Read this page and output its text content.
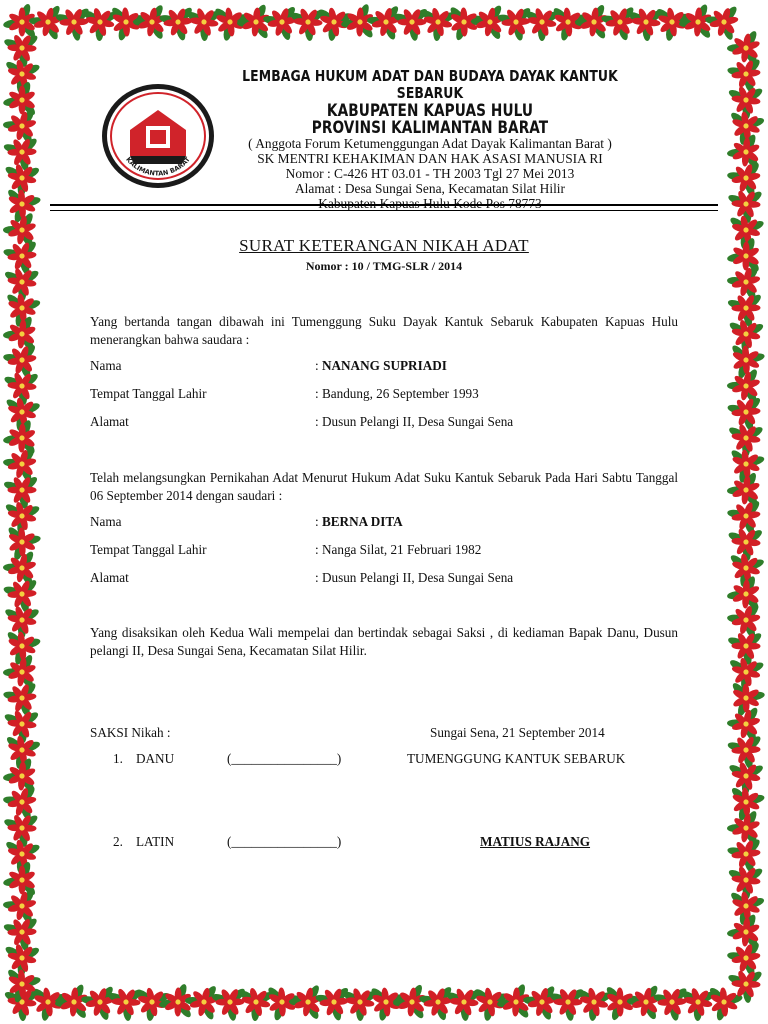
KALIMANTAN BARAT
LEMBAGA HUKUM ADAT DAN BUDAYA DAYAK KANTUK SEBARUK
KABUPATEN KAPUAS HULU
PROVINSI KALIMANTAN BARAT
( Anggota Forum Ketumenggungan Adat Dayak Kalimantan Barat )
SK MENTRI KEHAKIMAN DAN HAK ASASI MANUSIA RI
Nomor : C-426 HT 03.01 - TH 2003 Tgl 27 Mei 2013
Alamat : Desa Sungai Sena, Kecamatan Silat Hilir
SURAT KETERANGAN NIKAH ADAT
Nomor : 10 / TMG-SLR / 2014
Yang bertanda tangan dibawah ini Tumenggung Suku Dayak Kantuk Sebaruk Kabupaten Kapuas Hulu menerangkan bahwa saudara :
Nama	: NANANG SUPRIADI
Tempat Tanggal Lahir	: Bandung, 26 September 1993
Alamat	: Dusun Pelangi II, Desa Sungai Sena
Telah melangsungkan Pernikahan Adat Menurut Hukum Adat Suku Kantuk Sebaruk Pada Hari Sabtu Tanggal 06 September 2014 dengan saudari :
Nama	: BERNA DITA
Tempat Tanggal Lahir	: Nanga Silat, 21 Februari 1982
Alamat	: Dusun Pelangi II, Desa Sungai Sena
Yang disaksikan oleh Kedua Wali mempelai dan bertindak sebagai Saksi , di kediaman Bapak Danu, Dusun pelangi II, Desa Sungai Sena, Kecamatan Silat Hilir.
SAKSI Nikah :	Sungai Sena, 21 September 2014
1. DANU	(________________)	TUMENGGUNG KANTUK SEBARUK
2. LATIN	(________________)	MATIUS RAJANG
